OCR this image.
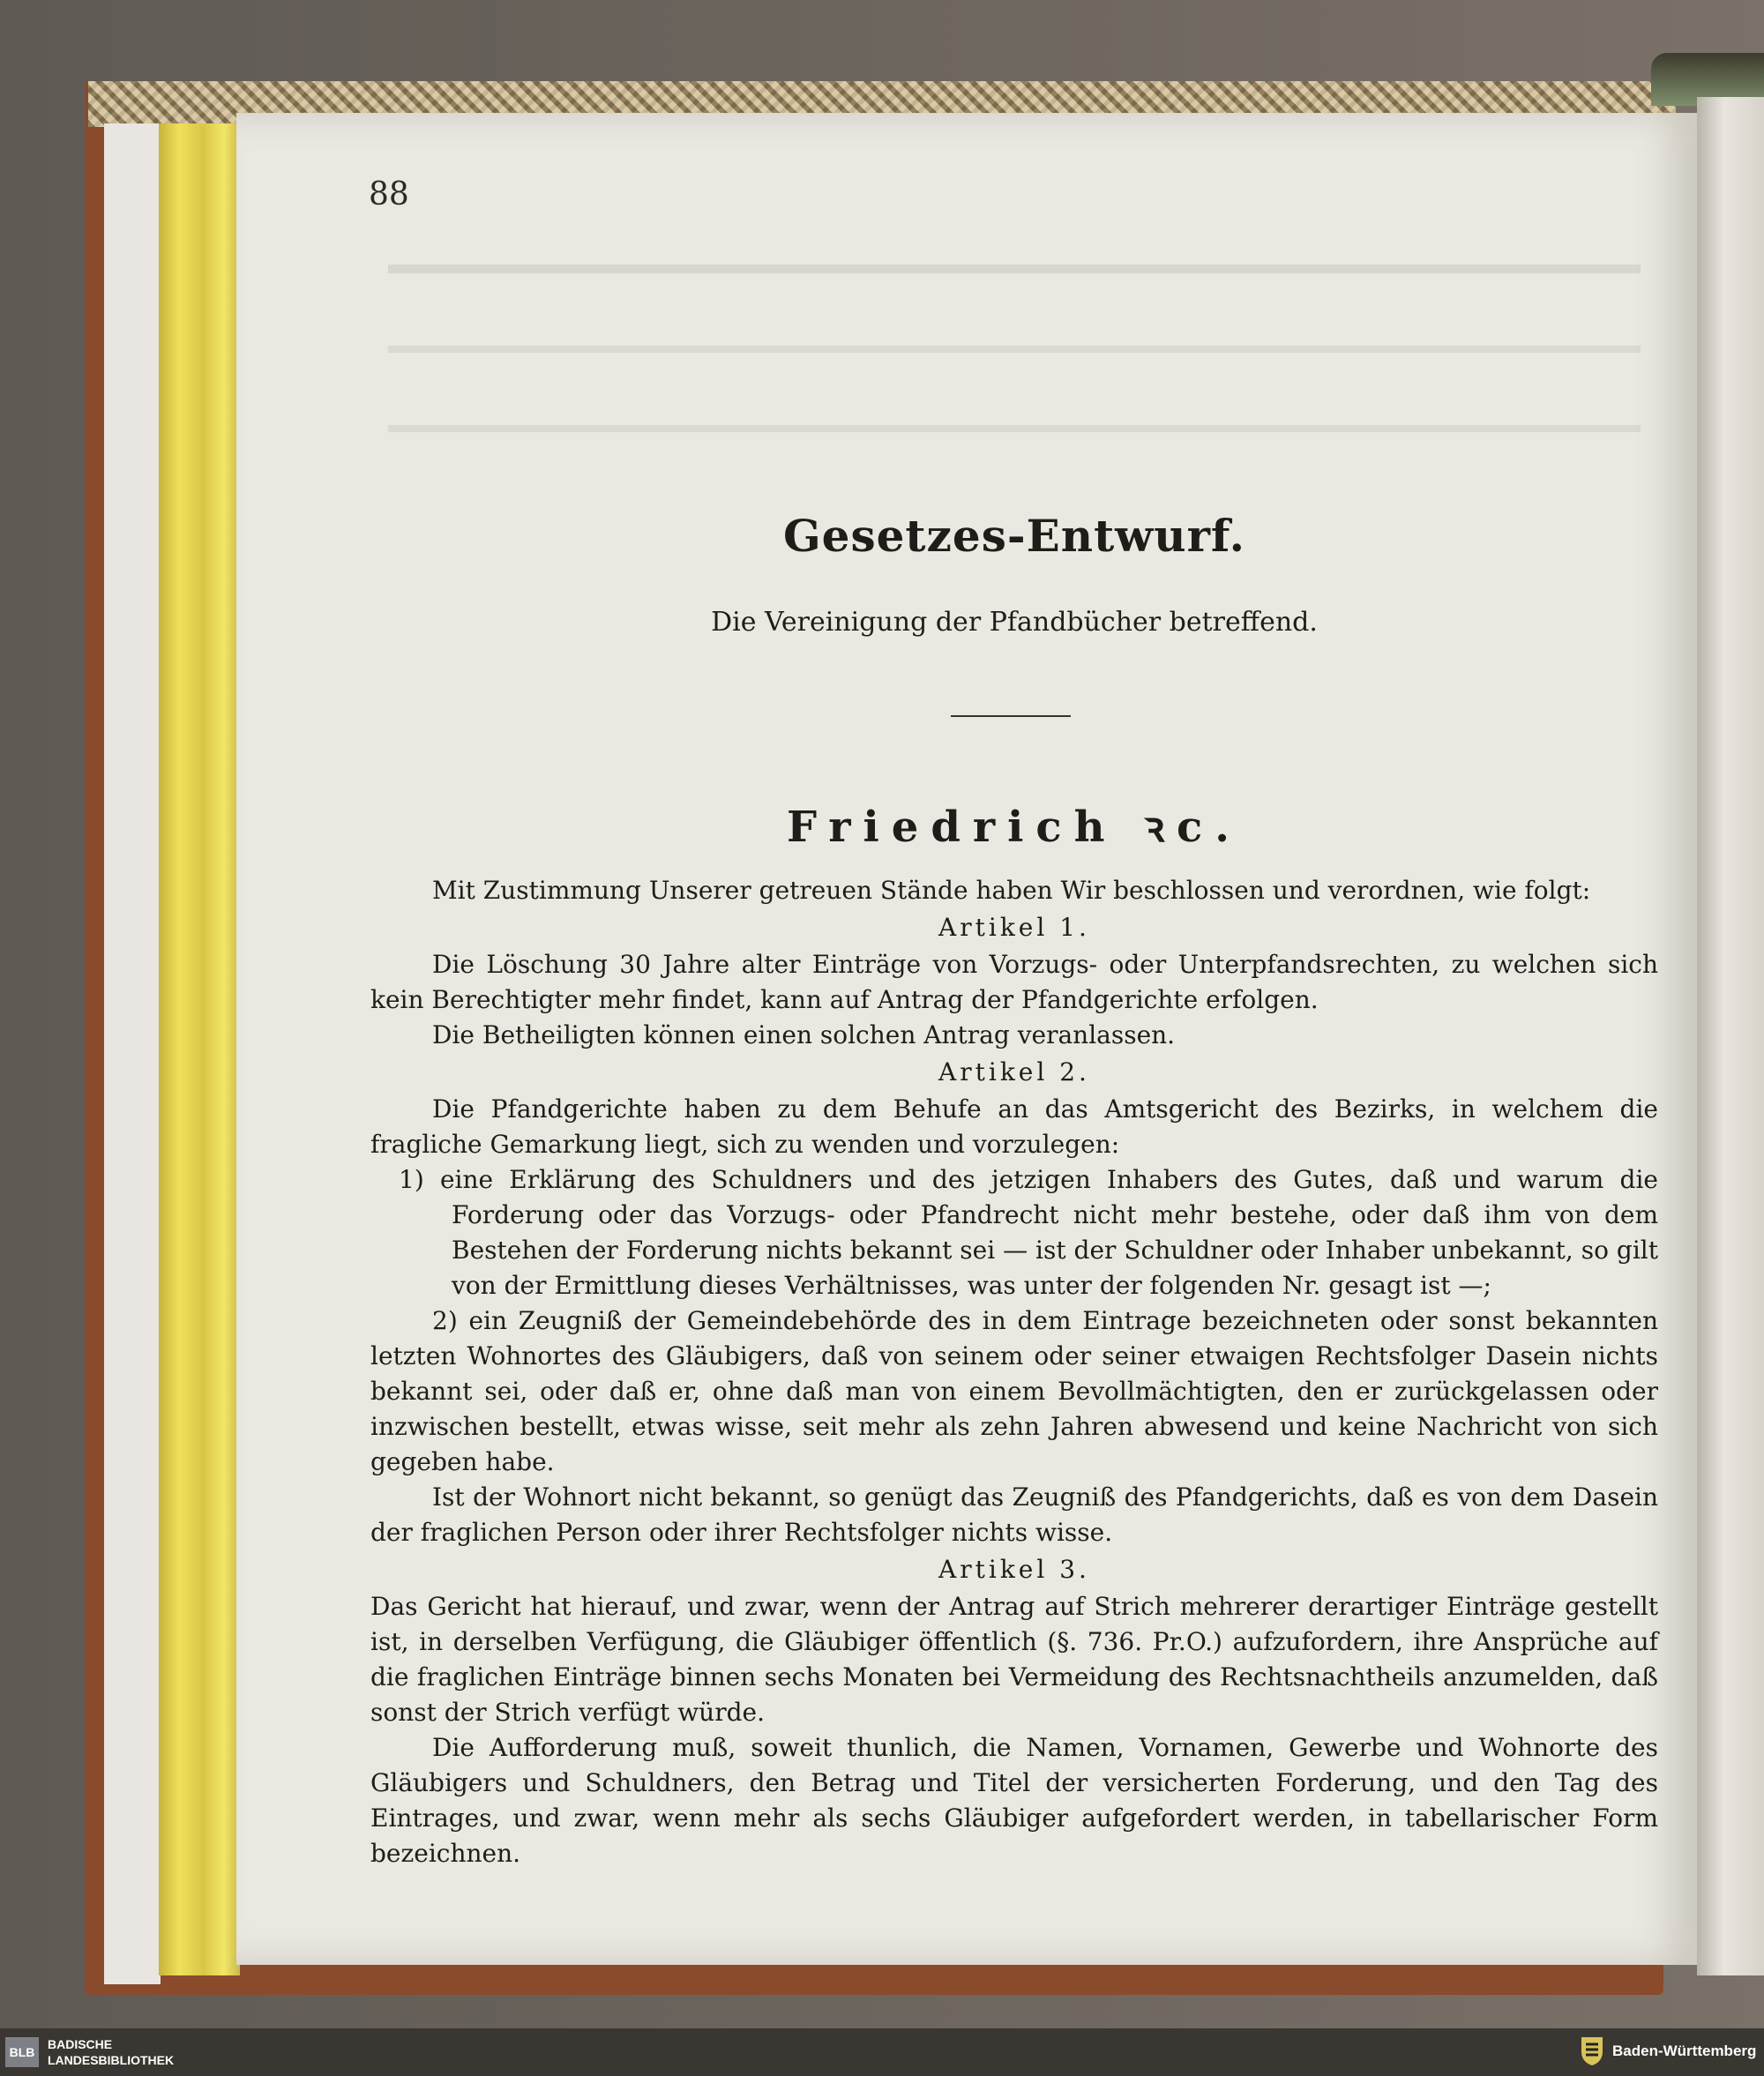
88
Gesetzes-Entwurf.
Die Vereinigung der Pfandbücher betreffend.
Friedrich ꝛc.

Mit Zustimmung Unserer getreuen Stände haben Wir beschlossen und verordnen, wie folgt:

Artikel 1.

Die Löschung 30 Jahre alter Einträge von Vorzugs- oder Unterpfandsrechten, zu welchen sich kein Berechtigter mehr findet, kann auf Antrag der Pfandgerichte erfolgen.

Die Betheiligten können einen solchen Antrag veranlassen.

Artikel 2.

Die Pfandgerichte haben zu dem Behufe an das Amtsgericht des Bezirks, in welchem die fragliche Gemarkung liegt, sich zu wenden und vorzulegen:

1) eine Erklärung des Schuldners und des jetzigen Inhabers des Gutes, daß und warum die Forderung oder das Vorzugs- oder Pfandrecht nicht mehr bestehe, oder daß ihm von dem Bestehen der Forderung nichts bekannt sei — ist der Schuldner oder Inhaber unbekannt, so gilt von der Ermittlung dieses Verhältnisses, was unter der folgenden Nr. gesagt ist —;

2) ein Zeugniß der Gemeindebehörde des in dem Eintrage bezeichneten oder sonst bekannten letzten Wohnortes des Gläubigers, daß von seinem oder seiner etwaigen Rechtsfolger Dasein nichts bekannt sei, oder daß er, ohne daß man von einem Bevollmächtigten, den er zurückgelassen oder inzwischen bestellt, etwas wisse, seit mehr als zehn Jahren abwesend und keine Nachricht von sich gegeben habe.

Ist der Wohnort nicht bekannt, so genügt das Zeugniß des Pfandgerichts, daß es von dem Dasein der fraglichen Person oder ihrer Rechtsfolger nichts wisse.

Artikel 3.

Das Gericht hat hierauf, und zwar, wenn der Antrag auf Strich mehrerer derartiger Einträge gestellt ist, in derselben Verfügung, die Gläubiger öffentlich (§. 736. Pr.O.) aufzufordern, ihre Ansprüche auf die fraglichen Einträge binnen sechs Monaten bei Vermeidung des Rechtsnachtheils anzumelden, daß sonst der Strich verfügt würde.

Die Aufforderung muß, soweit thunlich, die Namen, Vornamen, Gewerbe und Wohnorte des Gläubigers und Schuldners, den Betrag und Titel der versicherten Forderung, und den Tag des Eintrages, und zwar, wenn mehr als sechs Gläubiger aufgefordert werden, in tabellarischer Form bezeichnen.

BLB
BADISCHE
LANDESBIBLIOTHEK
Baden-Württemberg
